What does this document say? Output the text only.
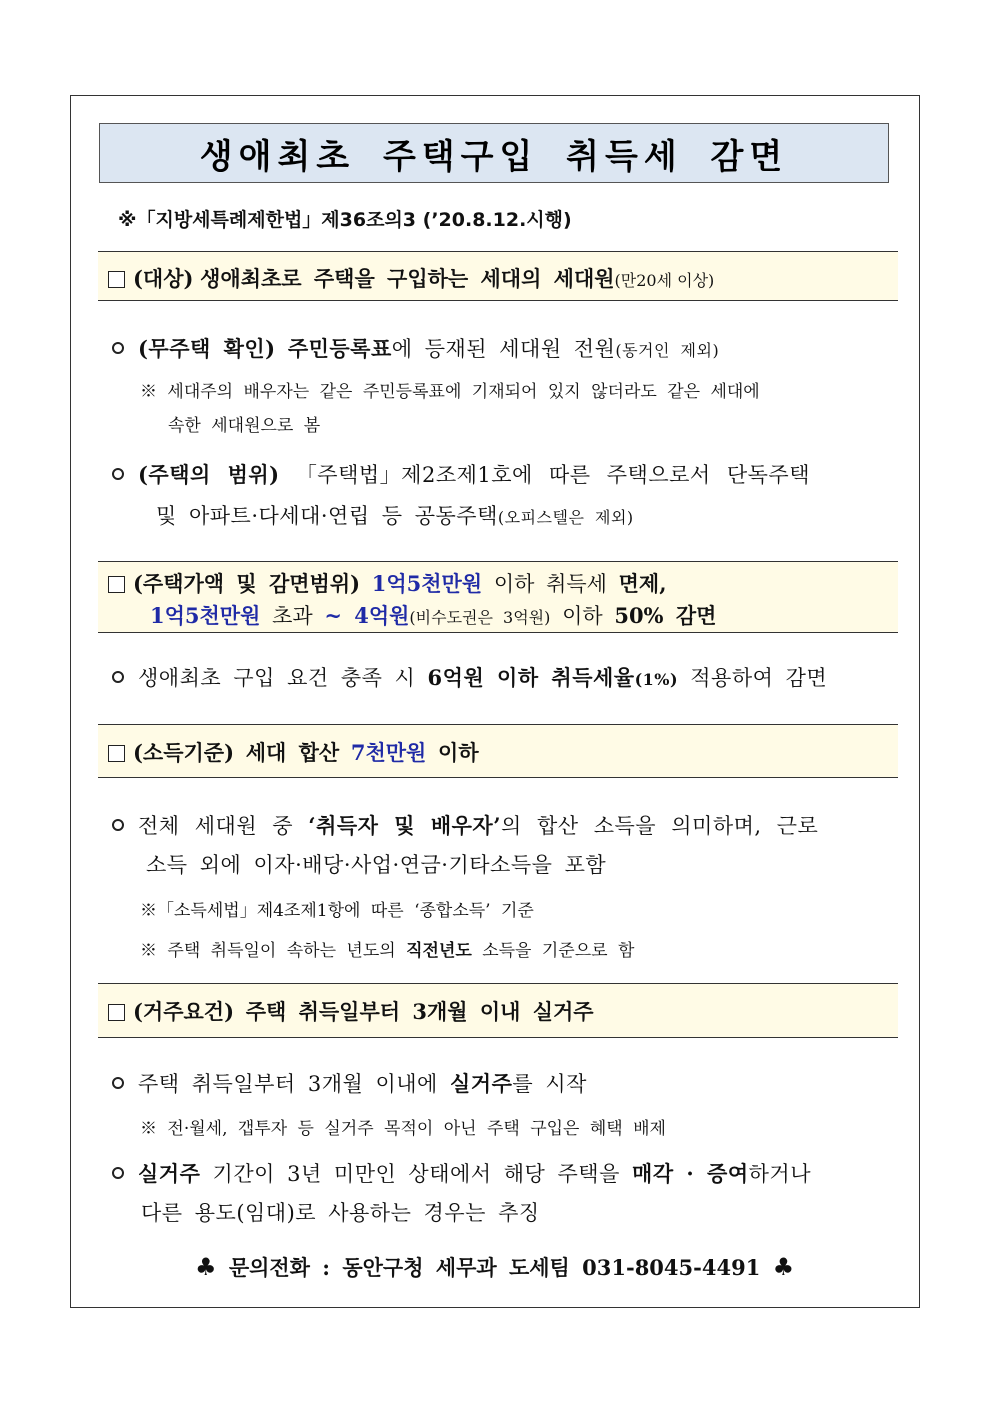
생애최초 주택구입 취득세 감면
※「지방세특례제한법」제36조의3 (’20.8.12.시행)
(대상) 생애최초로 주택을 구입하는 세대의 세대원(만20세 이상)
(무주택 확인) 주민등록표에 등재된 세대원 전원(동거인 제외)
※ 세대주의 배우자는 같은 주민등록표에 기재되어 있지 않더라도 같은 세대에
속한 세대원으로 봄
(주택의 범위) 「주택법」제2조제1호에 따른 주택으로서 단독주택
및 아파트·다세대·연립 등 공동주택(오피스텔은 제외)
(주택가액 및 감면범위) 1억5천만원 이하 취득세 면제,
1억5천만원 초과 ~ 4억원(비수도권은 3억원) 이하 50% 감면
생애최초 구입 요건 충족 시 6억원 이하 취득세율(1%) 적용하여 감면
(소득기준) 세대 합산 7천만원 이하
전체 세대원 중 ‘취득자 및 배우자’의 합산 소득을 의미하며, 근로
소득 외에 이자·배당·사업·연금·기타소득을 포함
※「소득세법」제4조제1항에 따른 ‘종합소득’ 기준
※ 주택 취득일이 속하는 년도의 직전년도 소득을 기준으로 함
(거주요건) 주택 취득일부터 3개월 이내 실거주
주택 취득일부터 3개월 이내에 실거주를 시작
※ 전·월세, 갭투자 등 실거주 목적이 아닌 주택 구입은 혜택 배제
실거주 기간이 3년 미만인 상태에서 해당 주택을 매각 · 증여하거나
다른 용도(임대)로 사용하는 경우는 추징
♣ 문의전화 : 동안구청 세무과 도세팀 031-8045-4491 ♣
